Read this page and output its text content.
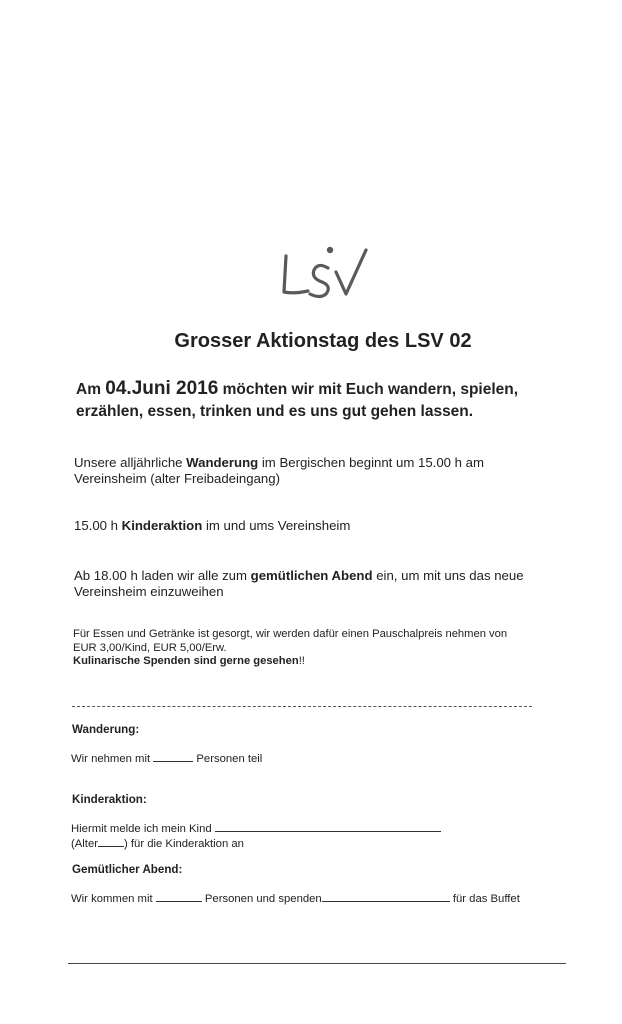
Grosser Aktionstag des LSV 02
Am 04.Juni 2016 möchten wir mit Euch wandern, spielen,
erzählen, essen, trinken und es uns gut gehen lassen.
Unsere alljährliche Wanderung im Bergischen beginnt um 15.00 h am
Vereinsheim (alter Freibadeingang)
15.00 h Kinderaktion im und ums Vereinsheim
Ab 18.00 h laden wir alle zum gemütlichen Abend ein, um mit uns das neue
Vereinsheim einzuweihen
Für Essen und Getränke ist gesorgt, wir werden dafür einen Pauschalpreis nehmen von
EUR 3,00/Kind, EUR 5,00/Erw.
Kulinarische Spenden sind gerne gesehen!!
Wanderung:
Wir nehmen mit	Personen teil
Kinderaktion:
Hiermit melde ich mein Kind
(Alter ) für die Kinderaktion an
Gemütlicher Abend:
Wir kommen mit	Personen und spenden	für das Buffet
